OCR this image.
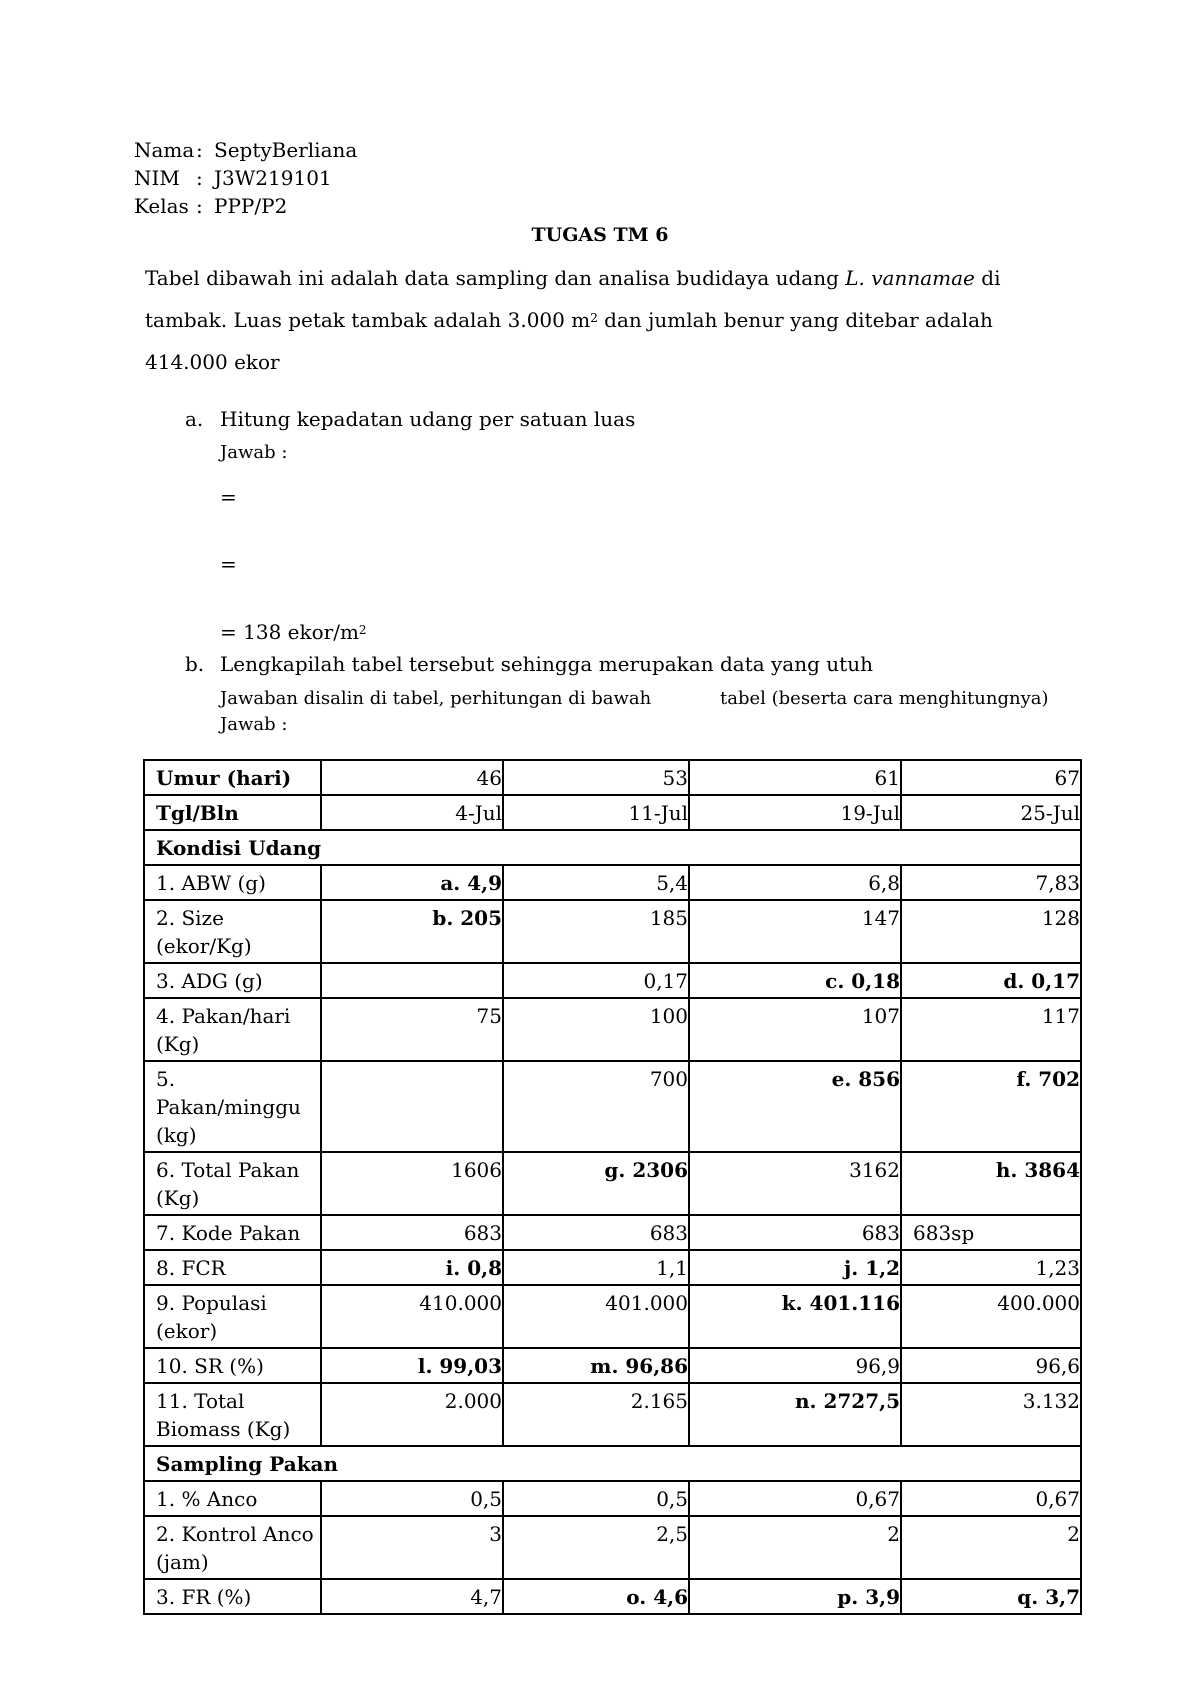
Nama: SeptyBerliana
NIM : J3W219101
Kelas : PPP/P2
TUGAS TM 6
Tabel dibawah ini adalah data sampling dan analisa budidaya udang L. vannamae di
tambak. Luas petak tambak adalah 3.000 $m^2$ dan jumlah benur yang ditebar adalah
414.000 ekor
a. Hitung kepadatan udang per satuan luas
Jawab :
=
=
= 138 ekor/$m^2$
b. Lengkapilah tabel tersebut sehingga merupakan data yang utuh
Jawaban disalin di tabel, perhitungan di bawah	tabel (beserta cara menghitungnya)
Jawab :
Umur (hari)	46	53	61	67
Tgl/Bln	4-Jul	11-Jul	19-Jul	25-Jul
Kondisi Udang				
1. ABW (g)	a. 4,9	5,4	6,8	7,83
2. Size (ekor/Kg)	b. 205	185	147	128
3. ADG (g)		0,17	c. 0,18	d. 0,17
4. Pakan/hari (Kg)	75	100	107	117
5. Pakan/minggu (kg)		700	e. 856	f. 702
6. Total Pakan (Kg)	1606	g. 2306	3162	h. 3864
7. Kode Pakan	683	683	683	683sp
8. FCR	i. 0,8	1,1	j. 1,2	1,23
9. Populasi (ekor)	410.000	401.000	k. 401.116	400.000
10. SR (%)	l. 99,03	m. 96,86	96,9	96,6
11. Total Biomass (Kg)	2.000	2.165	n. 2727,5	3.132
Sampling Pakan				
1. % Anco	0,5	0,5	0,67	0,67
2. Kontrol Anco (jam)	3	2,5	2	2
3. FR (%)	4,7	o. 4,6	p. 3,9	q. 3,7
